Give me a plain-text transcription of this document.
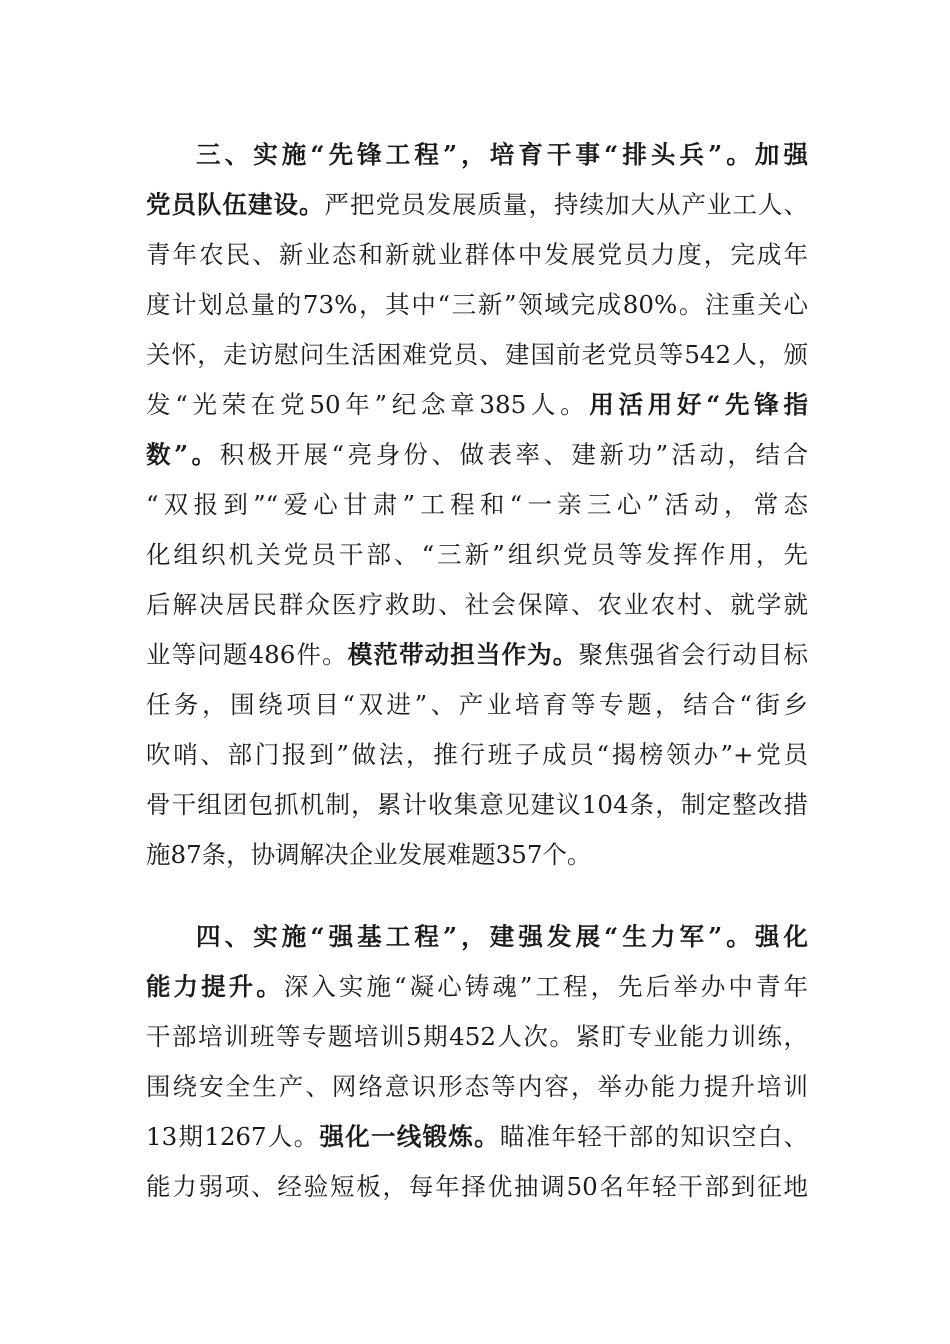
三、实施“先锋工程”，培育干事“排头兵”。加强
党员队伍建设。严把党员发展质量，持续加大从产业工人、
青年农民、新业态和新就业群体中发展党员力度，完成年
度计划总量的73%，其中“三新”领域完成80%。注重关心
关怀，走访慰问生活困难党员、建国前老党员等542人，颁
发“光荣在党50年”纪念章385人。用活用好“先锋指
数”。积极开展“亮身份、做表率、建新功”活动，结合
“双报到”“爱心甘肃”工程和“一亲三心”活动，常态
化组织机关党员干部、“三新”组织党员等发挥作用，先
后解决居民群众医疗救助、社会保障、农业农村、就学就
业等问题486件。模范带动担当作为。聚焦强省会行动目标
任务，围绕项目“双进”、产业培育等专题，结合“街乡
吹哨、部门报到”做法，推行班子成员“揭榜领办”+党员
骨干组团包抓机制，累计收集意见建议104条，制定整改措
施87条，协调解决企业发展难题357个。
四、实施“强基工程”，建强发展“生力军”。强化
能力提升。深入实施“凝心铸魂”工程，先后举办中青年
干部培训班等专题培训5期452人次。紧盯专业能力训练，
围绕安全生产、网络意识形态等内容，举办能力提升培训
13期1267人。强化一线锻炼。瞄准年轻干部的知识空白、
能力弱项、经验短板，每年择优抽调50名年轻干部到征地
